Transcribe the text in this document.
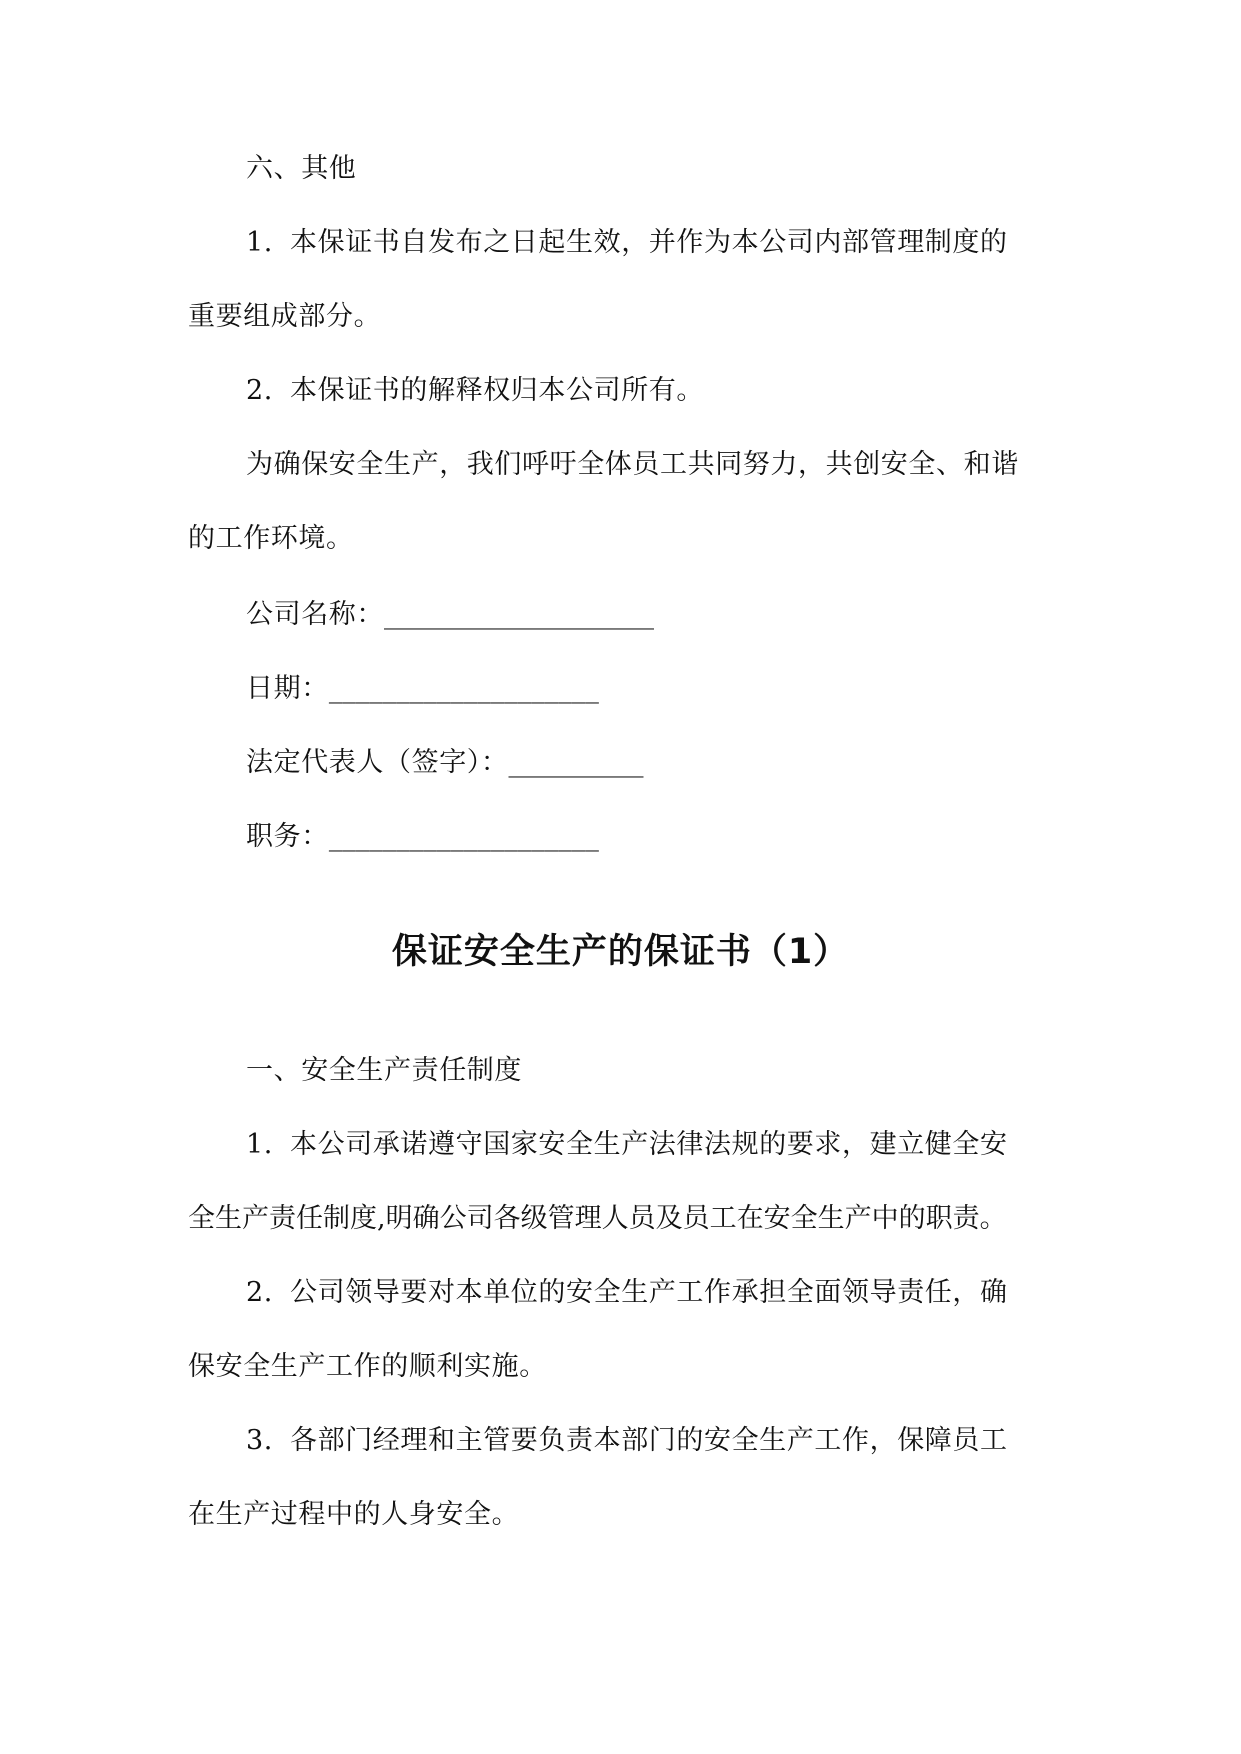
六、其他
1. 本保证书自发布之日起生效，并作为本公司内部管理制度的
重要组成部分。
2. 本保证书的解释权归本公司所有。
为确保安全生产，我们呼吁全体员工共同努力，共创安全、和谐
的工作环境。
公司名称：____________________
日期：____________________
法定代表人（签字）：__________
职务：____________________
保证安全生产的保证书（1）
一、安全生产责任制度
1. 本公司承诺遵守国家安全生产法律法规的要求，建立健全安
全生产责任制度,明确公司各级管理人员及员工在安全生产中的职责。
2. 公司领导要对本单位的安全生产工作承担全面领导责任，确
保安全生产工作的顺利实施。
3. 各部门经理和主管要负责本部门的安全生产工作，保障员工
在生产过程中的人身安全。
